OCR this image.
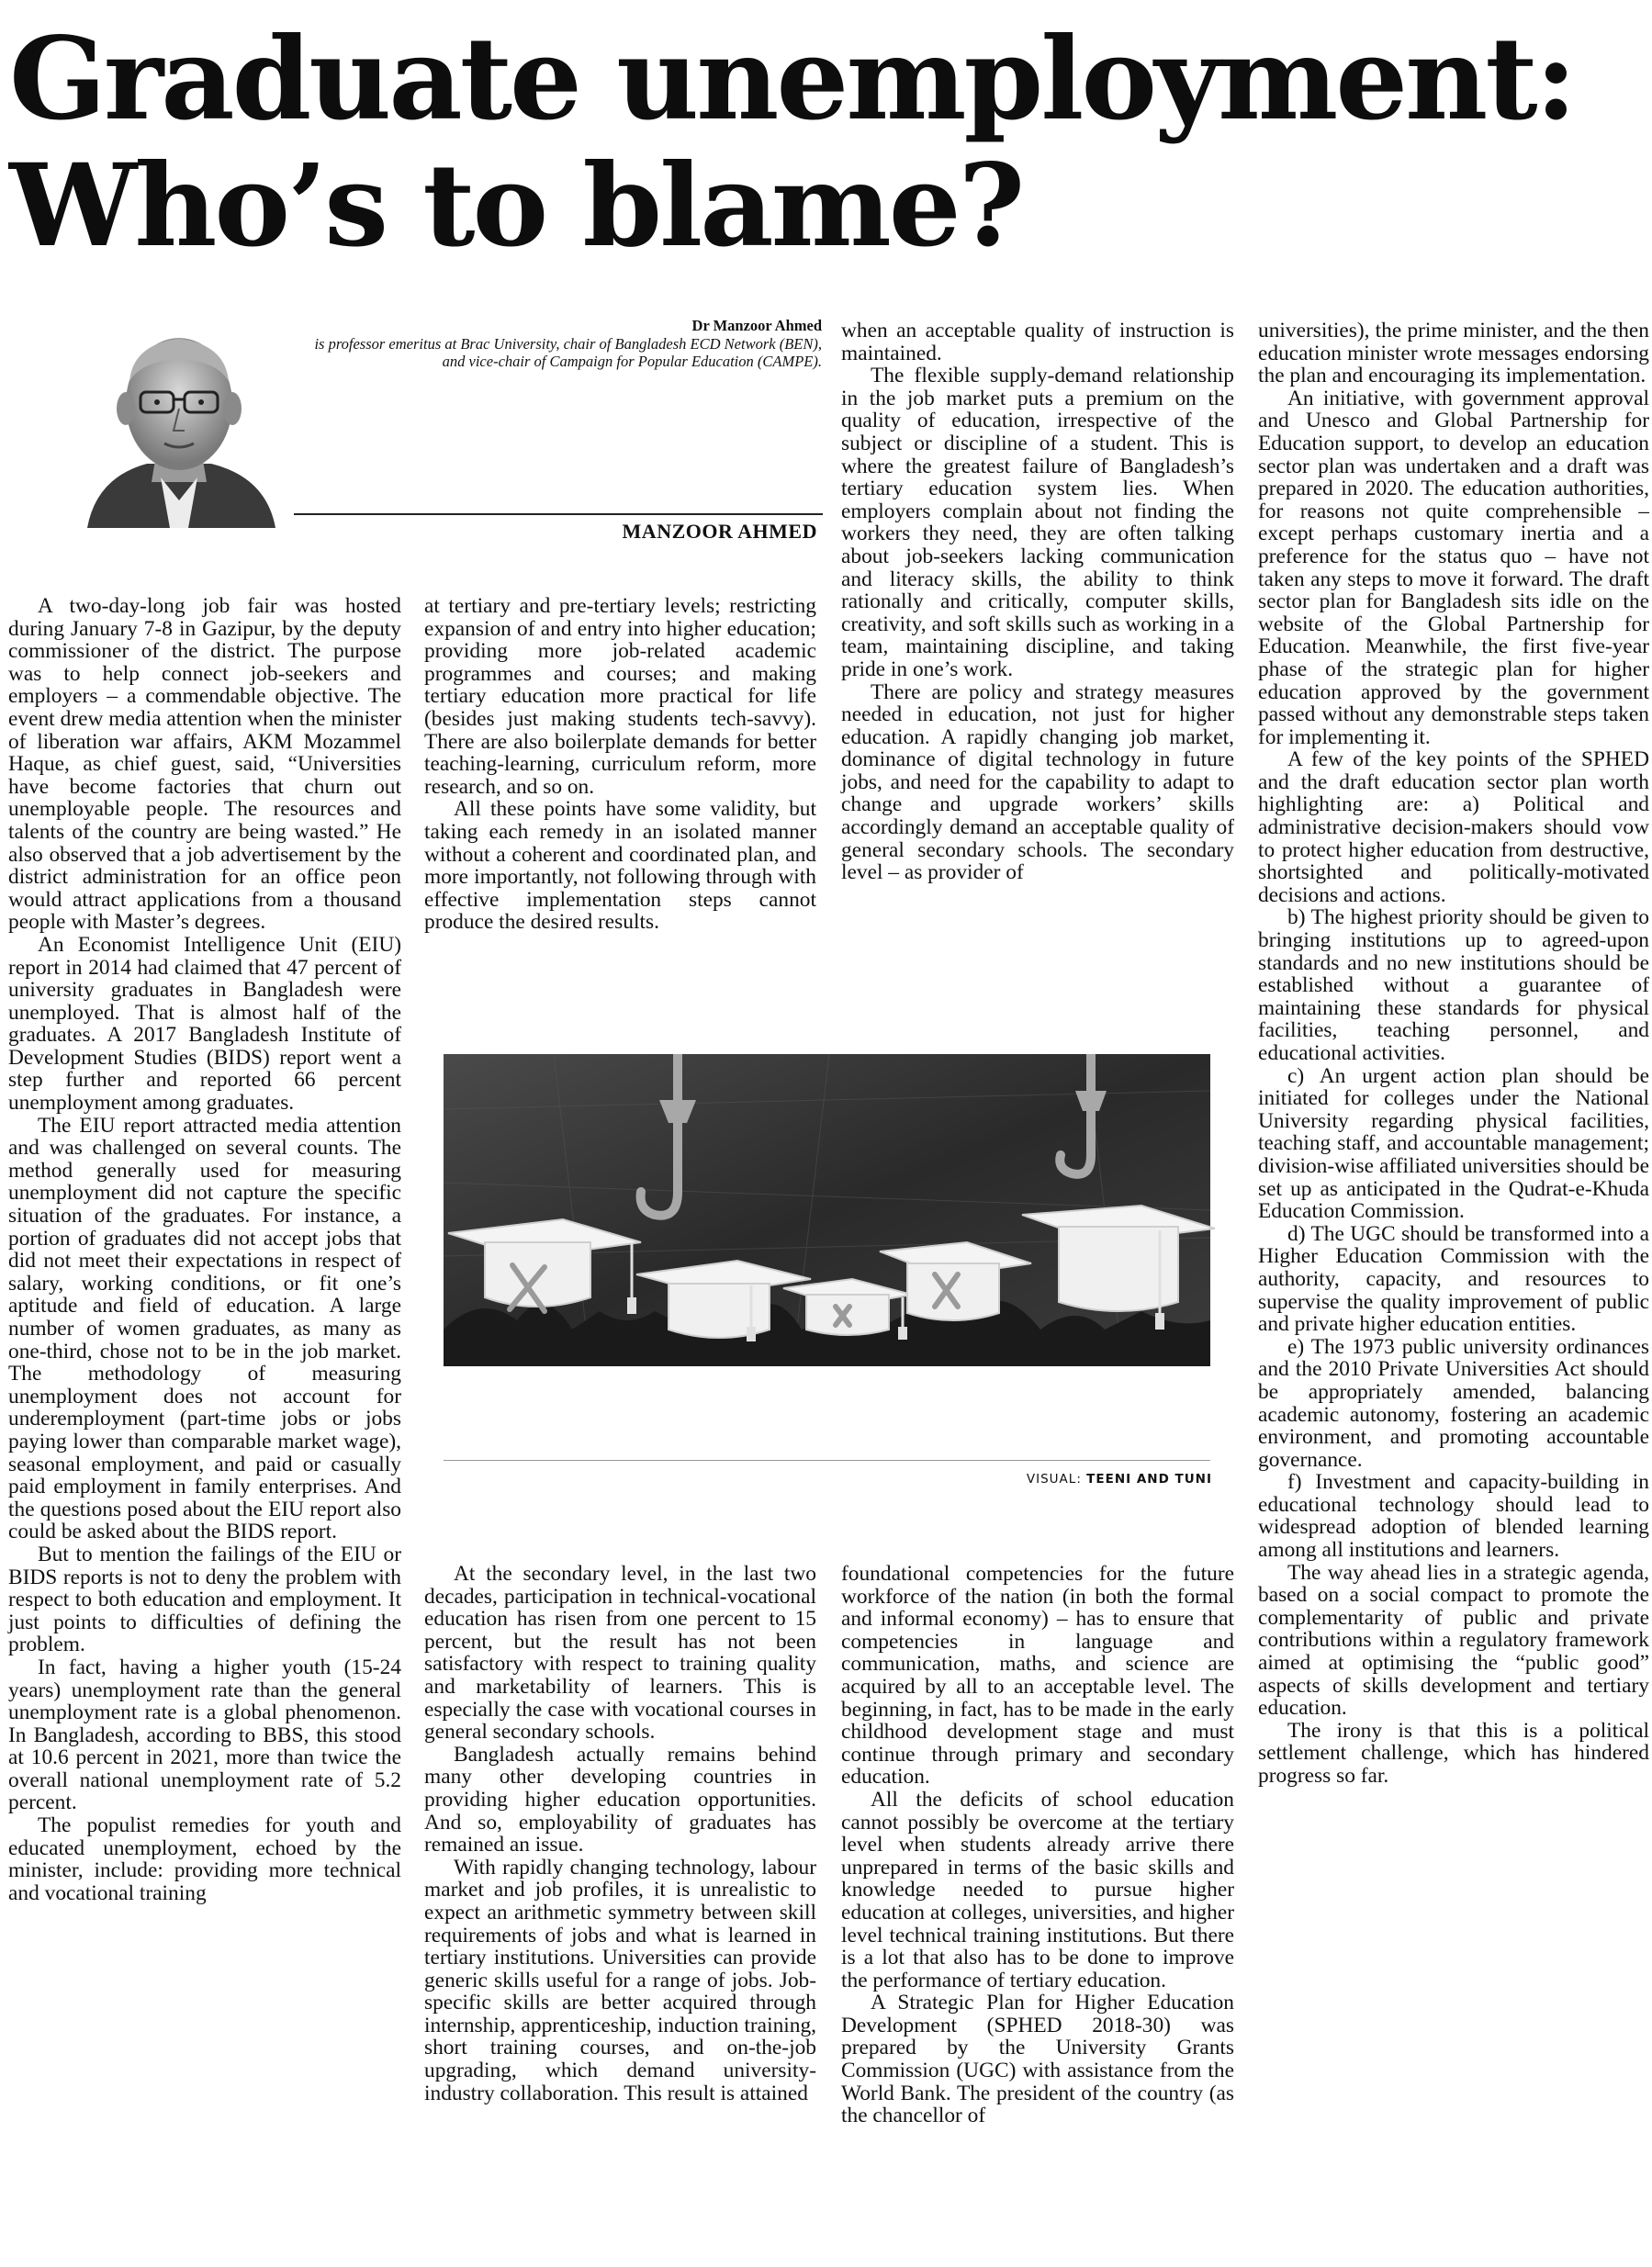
Graduate unemployment: Who’s to blame?
Dr Manzoor Ahmed
is professor emeritus at Brac University, chair of Bangladesh ECD Network (BEN), and vice-chair of Campaign for Popular Education (CAMPE).
MANZOOR AHMED

A two-day-long job fair was hosted during January 7-8 in Gazipur, by the deputy commissioner of the district. The purpose was to help connect job-seekers and employers – a commendable objective. The event drew media attention when the minister of liberation war affairs, AKM Mozammel Haque, as chief guest, said, “Universities have become factories that churn out unemployable people. The resources and talents of the country are being wasted.” He also observed that a job advertisement by the district administration for an office peon would attract applications from a thousand people with Master’s degrees.

An Economist Intelligence Unit (EIU) report in 2014 had claimed that 47 percent of university graduates in Bangladesh were unemployed. That is almost half of the graduates. A 2017 Bangladesh Institute of Development Studies (BIDS) report went a step further and reported 66 percent unemployment among graduates.

The EIU report attracted media attention and was challenged on several counts. The method generally used for measuring unemployment did not capture the specific situation of the graduates. For instance, a portion of graduates did not accept jobs that did not meet their expectations in respect of salary, working conditions, or fit one’s aptitude and field of education. A large number of women graduates, as many as one-third, chose not to be in the job market. The methodology of measuring unemployment does not account for underemployment (part-time jobs or jobs paying lower than comparable market wage), seasonal employment, and paid or casually paid employment in family enterprises. And the questions posed about the EIU report also could be asked about the BIDS report.

But to mention the failings of the EIU or BIDS reports is not to deny the problem with respect to both education and employment. It just points to difficulties of defining the problem.

In fact, having a higher youth (15-24 years) unemployment rate than the general unemployment rate is a global phenomenon. In Bangladesh, according to BBS, this stood at 10.6 percent in 2021, more than twice the overall national unemployment rate of 5.2 percent.

The populist remedies for youth and educated unemployment, echoed by the minister, include: providing more technical and vocational training

at tertiary and pre-tertiary levels; restricting expansion of and entry into higher education; providing more job-related academic programmes and courses; and making tertiary education more practical for life (besides just making students tech-savvy). There are also boilerplate demands for better teaching-learning, curriculum reform, more research, and so on.

All these points have some validity, but taking each remedy in an isolated manner without a coherent and coordinated plan, and more importantly, not following through with effective implementation steps cannot produce the desired results.

when an acceptable quality of instruction is maintained.

The flexible supply-demand relationship in the job market puts a premium on the quality of education, irrespective of the subject or discipline of a student. This is where the greatest failure of Bangladesh’s tertiary education system lies. When employers complain about not finding the workers they need, they are often talking about job-seekers lacking communication and literacy skills, the ability to think rationally and critically, computer skills, creativity, and soft skills such as working in a team, maintaining discipline, and taking pride in one’s work.

There are policy and strategy measures needed in education, not just for higher education. A rapidly changing job market, dominance of digital technology in future jobs, and need for the capability to adapt to change and upgrade workers’ skills accordingly demand an acceptable quality of general secondary schools. The secondary level – as provider of

universities), the prime minister, and the then education minister wrote messages endorsing the plan and encouraging its implementation.

An initiative, with government approval and Unesco and Global Partnership for Education support, to develop an education sector plan was undertaken and a draft was prepared in 2020. The education authorities, for reasons not quite comprehensible – except perhaps customary inertia and a preference for the status quo – have not taken any steps to move it forward. The draft sector plan for Bangladesh sits idle on the website of the Global Partnership for Education. Meanwhile, the first five-year phase of the strategic plan for higher education approved by the government passed without any demonstrable steps taken for implementing it.

A few of the key points of the SPHED and the draft education sector plan worth highlighting are: a) Political and administrative decision-makers should vow to protect higher education from destructive, shortsighted and politically-motivated decisions and actions.

b) The highest priority should be given to bringing institutions up to agreed-upon standards and no new institutions should be established without a guarantee of maintaining these standards for physical facilities, teaching personnel, and educational activities.

c) An urgent action plan should be initiated for colleges under the National University regarding physical facilities, teaching staff, and accountable management; division-wise affiliated universities should be set up as anticipated in the Qudrat-e-Khuda Education Commission.

d) The UGC should be transformed into a Higher Education Commission with the authority, capacity, and resources to supervise the quality improvement of public and private higher education entities.

e) The 1973 public university ordinances and the 2010 Private Universities Act should be appropriately amended, balancing academic autonomy, fostering an academic environment, and promoting accountable governance.

f) Investment and capacity-building in educational technology should lead to widespread adoption of blended learning among all institutions and learners.

The way ahead lies in a strategic agenda, based on a social compact to promote the complementarity of public and private contributions within a regulatory framework aimed at optimising the “public good” aspects of skills development and tertiary education.

The irony is that this is a political settlement challenge, which has hindered progress so far.

VISUAL: TEENI AND TUNI

At the secondary level, in the last two decades, participation in technical-vocational education has risen from one percent to 15 percent, but the result has not been satisfactory with respect to training quality and marketability of learners. This is especially the case with vocational courses in general secondary schools.

Bangladesh actually remains behind many other developing countries in providing higher education opportunities. And so, employability of graduates has remained an issue.

With rapidly changing technology, labour market and job profiles, it is unrealistic to expect an arithmetic symmetry between skill requirements of jobs and what is learned in tertiary institutions. Universities can provide generic skills useful for a range of jobs. Job-specific skills are better acquired through internship, apprenticeship, induction training, short training courses, and on-the-job upgrading, which demand university-industry collaboration. This result is attained

foundational competencies for the future workforce of the nation (in both the formal and informal economy) – has to ensure that competencies in language and communication, maths, and science are acquired by all to an acceptable level. The beginning, in fact, has to be made in the early childhood development stage and must continue through primary and secondary education.

All the deficits of school education cannot possibly be overcome at the tertiary level when students already arrive there unprepared in terms of the basic skills and knowledge needed to pursue higher education at colleges, universities, and higher level technical training institutions. But there is a lot that also has to be done to improve the performance of tertiary education.

A Strategic Plan for Higher Education Development (SPHED 2018-30) was prepared by the University Grants Commission (UGC) with assistance from the World Bank. The president of the country (as the chancellor of
